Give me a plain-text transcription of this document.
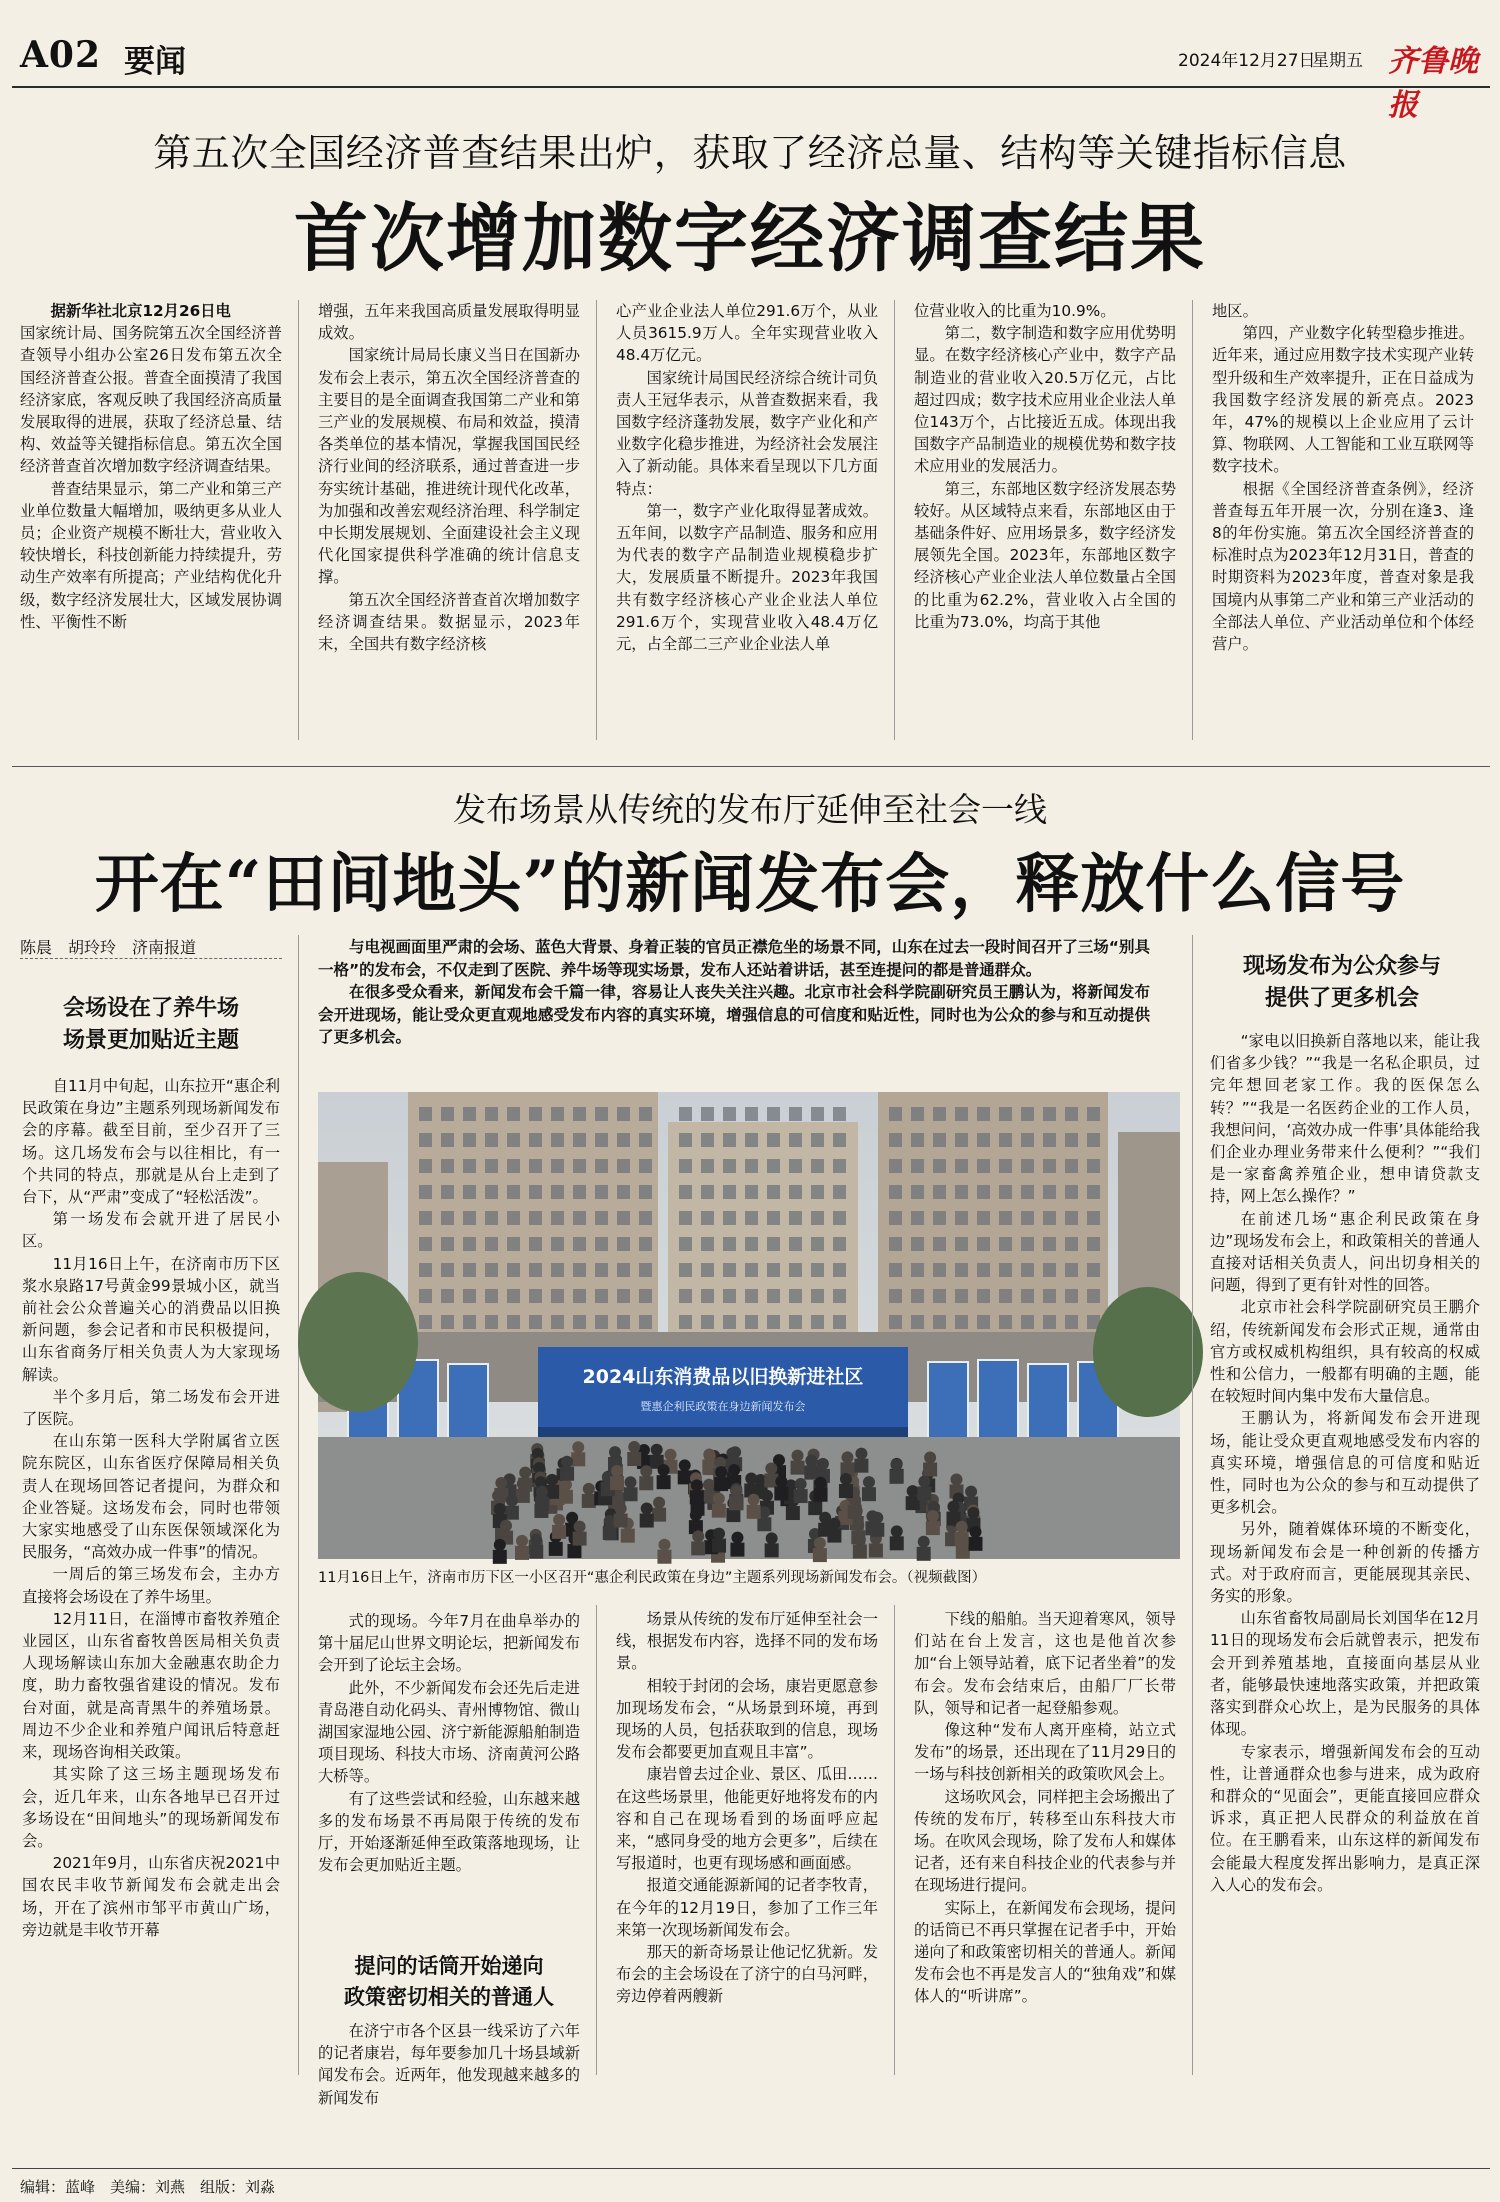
A02 要闻	2024年12月27日
星期五 齐鲁晚报
第五次全国经济普查结果出炉，获取了经济总量、结构等关键指标信息
首次增加数字经济调查结果

据新华社北京12月26日电

国家统计局、国务院第五次全国经济普查领导小组办公室26日发布第五次全国经济普查公报。普查全面摸清了我国经济家底，客观反映了我国经济高质量发展取得的进展，获取了经济总量、结构、效益等关键指标信息。第五次全国经济普查首次增加数字经济调查结果。

普查结果显示，第二产业和第三产业单位数量大幅增加，吸纳更多从业人员；企业资产规模不断壮大，营业收入较快增长，科技创新能力持续提升，劳动生产效率有所提高；产业结构优化升级，数字经济发展壮大，区域发展协调性、平衡性不断

增强，五年来我国高质量发展取得明显成效。

国家统计局局长康义当日在国新办发布会上表示，第五次全国经济普查的主要目的是全面调查我国第二产业和第三产业的发展规模、布局和效益，摸清各类单位的基本情况，掌握我国国民经济行业间的经济联系，通过普查进一步夯实统计基础，推进统计现代化改革，为加强和改善宏观经济治理、科学制定中长期发展规划、全面建设社会主义现代化国家提供科学准确的统计信息支撑。

第五次全国经济普查首次增加数字经济调查结果。数据显示，2023年末，全国共有数字经济核

心产业企业法人单位291.6万个，从业人员3615.9万人。全年实现营业收入48.4万亿元。

国家统计局国民经济综合统计司负责人王冠华表示，从普查数据来看，我国数字经济蓬勃发展，数字产业化和产业数字化稳步推进，为经济社会发展注入了新动能。具体来看呈现以下几方面特点：

第一，数字产业化取得显著成效。五年间，以数字产品制造、服务和应用为代表的数字产品制造业规模稳步扩大，发展质量不断提升。2023年我国共有数字经济核心产业企业法人单位291.6万个，实现营业收入48.4万亿元，占全部二三产业企业法人单

位营业收入的比重为10.9%。

第二，数字制造和数字应用优势明显。在数字经济核心产业中，数字产品制造业的营业收入20.5万亿元，占比超过四成；数字技术应用业企业法人单位143万个，占比接近五成。体现出我国数字产品制造业的规模优势和数字技术应用业的发展活力。

第三，东部地区数字经济发展态势较好。从区域特点来看，东部地区由于基础条件好、应用场景多，数字经济发展领先全国。2023年，东部地区数字经济核心产业企业法人单位数量占全国的比重为62.2%，营业收入占全国的比重为73.0%，均高于其他

地区。

第四，产业数字化转型稳步推进。近年来，通过应用数字技术实现产业转型升级和生产效率提升，正在日益成为我国数字经济发展的新亮点。2023年，47%的规模以上企业应用了云计算、物联网、人工智能和工业互联网等数字技术。

根据《全国经济普查条例》，经济普查每五年开展一次，分别在逢3、逢8的年份实施。第五次全国经济普查的标准时点为2023年12月31日，普查的时期资料为2023年度，普查对象是我国境内从事第二产业和第三产业活动的全部法人单位、产业活动单位和个体经营户。

发布场景从传统的发布厅延伸至社会一线
开在“田间地头”的新闻发布会，释放什么信号
陈晨　胡玲玲　济南报道
会场设在了养牛场
场景更加贴近主题

自11月中旬起，山东拉开“惠企利民政策在身边”主题系列现场新闻发布会的序幕。截至目前，至少召开了三场。这几场发布会与以往相比，有一个共同的特点，那就是从台上走到了台下，从“严肃”变成了“轻松活泼”。

第一场发布会就开进了居民小区。

11月16日上午，在济南市历下区浆水泉路17号黄金99景城小区，就当前社会公众普遍关心的消费品以旧换新问题，参会记者和市民积极提问，山东省商务厅相关负责人为大家现场解读。

半个多月后，第二场发布会开进了医院。

在山东第一医科大学附属省立医院东院区，山东省医疗保障局相关负责人在现场回答记者提问，为群众和企业答疑。这场发布会，同时也带领大家实地感受了山东医保领域深化为民服务，“高效办成一件事”的情况。

一周后的第三场发布会，主办方直接将会场设在了养牛场里。

12月11日，在淄博市畜牧养殖企业园区，山东省畜牧兽医局相关负责人现场解读山东加大金融惠农助企力度，助力畜牧强省建设的情况。发布台对面，就是高青黑牛的养殖场景。周边不少企业和养殖户闻讯后特意赶来，现场咨询相关政策。

其实除了这三场主题现场发布会，近几年来，山东各地早已召开过多场设在“田间地头”的现场新闻发布会。

2021年9月，山东省庆祝2021中国农民丰收节新闻发布会就走出会场，开在了滨州市邹平市黄山广场，旁边就是丰收节开幕

与电视画面里严肃的会场、蓝色大背景、身着正装的官员正襟危坐的场景不同，山东在过去一段时间召开了三场“别具一格”的发布会，不仅走到了医院、养牛场等现实场景，发布人还站着讲话，甚至连提问的都是普通群众。

在很多受众看来，新闻发布会千篇一律，容易让人丧失关注兴趣。北京市社会科学院副研究员王鹏认为，将新闻发布会开进现场，能让受众更直观地感受发布内容的真实环境，增强信息的可信度和贴近性，同时也为公众的参与和互动提供了更多机会。

2024山东消费品以旧换新进社区
暨惠企利民政策在身边新闻发布会
11月16日上午，济南市历下区一小区召开“惠企利民政策在身边”主题系列现场新闻发布会。（视频截图）
现场发布为公众参与
提供了更多机会

“家电以旧换新自落地以来，能让我们省多少钱？”“我是一名私企职员，过完年想回老家工作。我的医保怎么转？”“我是一名医药企业的工作人员，我想问问，‘高效办成一件事’具体能给我们企业办理业务带来什么便利？”“我们是一家畜禽养殖企业，想申请贷款支持，网上怎么操作？”

在前述几场“惠企利民政策在身边”现场发布会上，和政策相关的普通人直接对话相关负责人，问出切身相关的问题，得到了更有针对性的回答。

北京市社会科学院副研究员王鹏介绍，传统新闻发布会形式正规，通常由官方或权威机构组织，具有较高的权威性和公信力，一般都有明确的主题，能在较短时间内集中发布大量信息。

王鹏认为，将新闻发布会开进现场，能让受众更直观地感受发布内容的真实环境，增强信息的可信度和贴近性，同时也为公众的参与和互动提供了更多机会。

另外，随着媒体环境的不断变化，现场新闻发布会是一种创新的传播方式。对于政府而言，更能展现其亲民、务实的形象。

山东省畜牧局副局长刘国华在12月11日的现场发布会后就曾表示，把发布会开到养殖基地，直接面向基层从业者，能够最快速地落实政策，并把政策落实到群众心坎上，是为民服务的具体体现。

专家表示，增强新闻发布会的互动性，让普通群众也参与进来，成为政府和群众的“见面会”，更能直接回应群众诉求，真正把人民群众的利益放在首位。在王鹏看来，山东这样的新闻发布会能最大程度发挥出影响力，是真正深入人心的发布会。

式的现场。今年7月在曲阜举办的第十届尼山世界文明论坛，把新闻发布会开到了论坛主会场。

此外，不少新闻发布会还先后走进青岛港自动化码头、青州博物馆、微山湖国家湿地公园、济宁新能源船舶制造项目现场、科技大市场、济南黄河公路大桥等。

有了这些尝试和经验，山东越来越多的发布场景不再局限于传统的发布厅，开始逐渐延伸至政策落地现场，让发布会更加贴近主题。

提问的话筒开始递向
政策密切相关的普通人

在济宁市各个区县一线采访了六年的记者康岩，每年要参加几十场县域新闻发布会。近两年，他发现越来越多的新闻发布

场景从传统的发布厅延伸至社会一线，根据发布内容，选择不同的发布场景。

相较于封闭的会场，康岩更愿意参加现场发布会，“从场景到环境，再到现场的人员，包括获取到的信息，现场发布会都要更加直观且丰富”。

康岩曾去过企业、景区、瓜田……在这些场景里，他能更好地将发布的内容和自己在现场看到的场面呼应起来，“感同身受的地方会更多”，后续在写报道时，也更有现场感和画面感。

报道交通能源新闻的记者李牧青，在今年的12月19日，参加了工作三年来第一次现场新闻发布会。

那天的新奇场景让他记忆犹新。发布会的主会场设在了济宁的白马河畔，旁边停着两艘新

下线的船舶。当天迎着寒风，领导们站在台上发言，这也是他首次参加“台上领导站着，底下记者坐着”的发布会。发布会结束后，由船厂厂长带队，领导和记者一起登船参观。

像这种“发布人离开座椅，站立式发布”的场景，还出现在了11月29日的一场与科技创新相关的政策吹风会上。

这场吹风会，同样把主会场搬出了传统的发布厅，转移至山东科技大市场。在吹风会现场，除了发布人和媒体记者，还有来自科技企业的代表参与并在现场进行提问。

实际上，在新闻发布会现场，提问的话筒已不再只掌握在记者手中，开始递向了和政策密切相关的普通人。新闻发布会也不再是发言人的“独角戏”和媒体人的“听讲席”。

编辑：蓝峰　美编：刘燕　组版：刘淼
